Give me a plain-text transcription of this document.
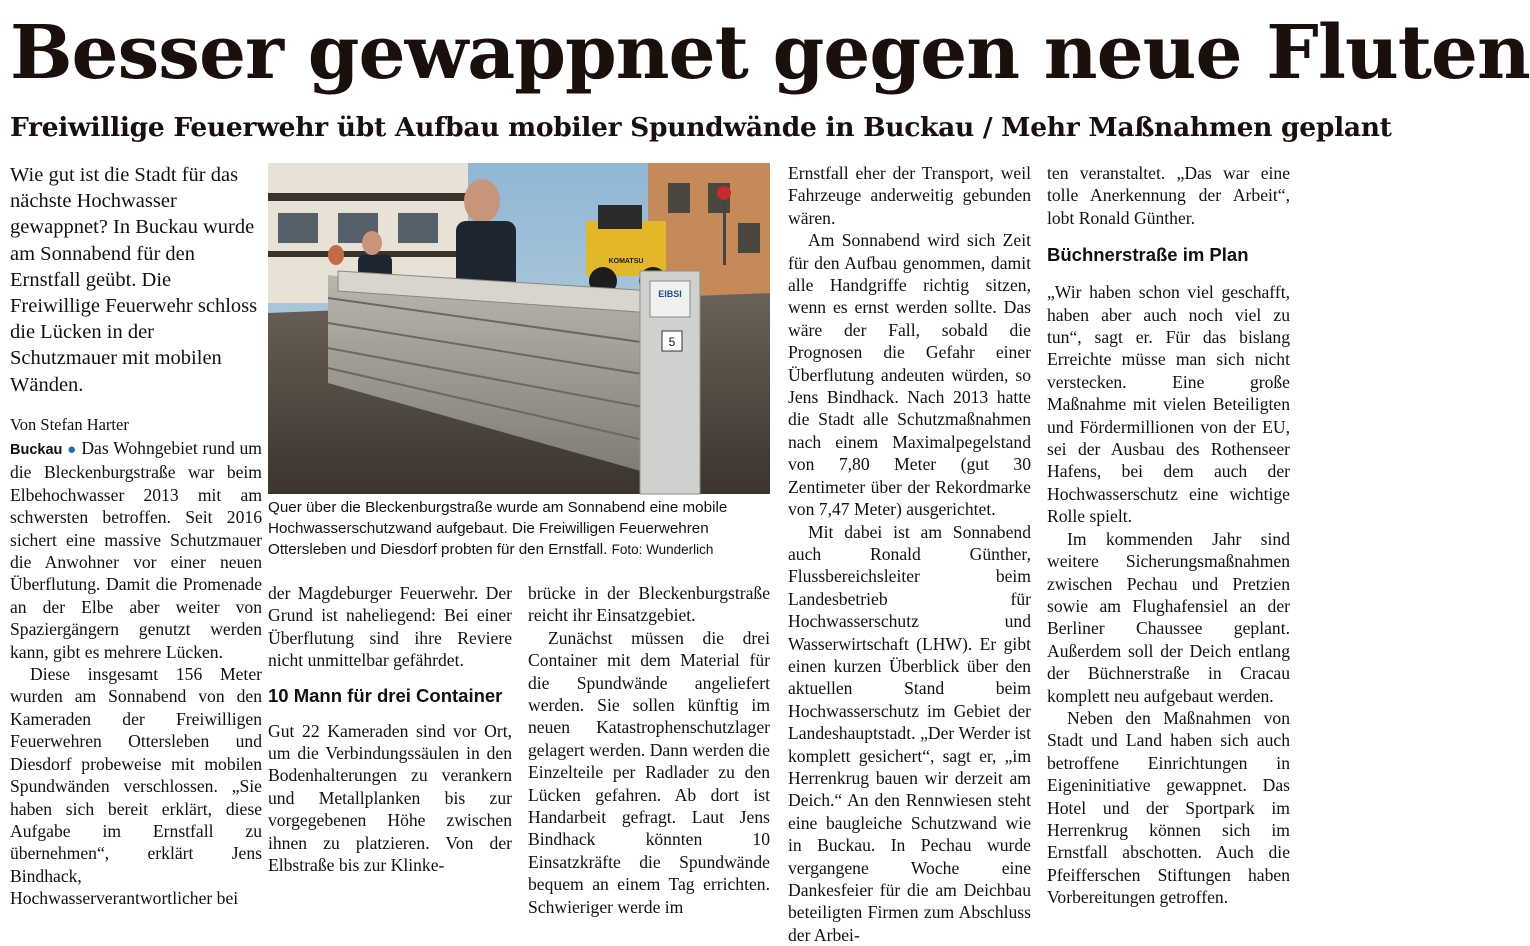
Besser gewappnet gegen neue Fluten
Freiwillige Feuerwehr übt Aufbau mobiler Spundwände in Buckau / Mehr Maßnahmen geplant
Wie gut ist die Stadt für das nächste Hochwasser gewappnet? In Buckau wurde am Sonnabend für den Ernstfall geübt. Die Freiwillige Feuerwehr schloss die Lücken in der Schutzmauer mit mobilen Wänden.
Von Stefan Harter

Buckau ● Das Wohngebiet rund um die Bleckenburgstraße war beim Elbehochwasser 2013 mit am schwersten betroffen. Seit 2016 sichert eine massive Schutzmauer die Anwohner vor einer neuen Überflutung. Damit die Promenade an der Elbe aber weiter von Spaziergängern genutzt werden kann, gibt es mehrere Lücken.

Diese insgesamt 156 Meter wurden am Sonnabend von den Kameraden der Freiwilligen Feuerwehren Ottersleben und Diesdorf probeweise mit mobilen Spundwänden verschlossen. „Sie haben sich bereit erklärt, diese Aufgabe im Ernstfall zu übernehmen“, erklärt Jens Bindhack, Hochwasserverantwortlicher bei

EIBSI
5
KOMATSU
Quer über die Bleckenburgstraße wurde am Sonnabend eine mobile Hochwasserschutzwand aufgebaut. Die Freiwilligen Feuerwehren Ottersleben und Diesdorf probten für den Ernstfall. Foto: Wunderlich

der Magdeburger Feuerwehr. Der Grund ist naheliegend: Bei einer Überflutung sind ihre Reviere nicht unmittelbar gefährdet.

10 Mann für drei Container

Gut 22 Kameraden sind vor Ort, um die Verbindungssäulen in den Bodenhalterungen zu verankern und Metallplanken bis zur vorgegebenen Höhe zwischen ihnen zu platzieren. Von der Elbstraße bis zur Klinke-

brücke in der Bleckenburgstraße reicht ihr Einsatzgebiet.

Zunächst müssen die drei Container mit dem Material für die Spundwände angeliefert werden. Sie sollen künftig im neuen Katastrophenschutzlager gelagert werden. Dann werden die Einzelteile per Radlader zu den Lücken gefahren. Ab dort ist Handarbeit gefragt. Laut Jens Bindhack könnten 10 Einsatzkräfte die Spundwände bequem an einem Tag errichten. Schwieriger werde im

Ernstfall eher der Transport, weil Fahrzeuge anderweitig gebunden wären.

Am Sonnabend wird sich Zeit für den Aufbau genommen, damit alle Handgriffe richtig sitzen, wenn es ernst werden sollte. Das wäre der Fall, sobald die Prognosen die Gefahr einer Überflutung andeuten würden, so Jens Bindhack. Nach 2013 hatte die Stadt alle Schutzmaßnahmen nach einem Maximalpegelstand von 7,80 Meter (gut 30 Zentimeter über der Rekordmarke von 7,47 Meter) ausgerichtet.

Mit dabei ist am Sonnabend auch Ronald Günther, Flussbereichsleiter beim Landesbetrieb für Hochwasserschutz und Wasserwirtschaft (LHW). Er gibt einen kurzen Überblick über den aktuellen Stand beim Hochwasserschutz im Gebiet der Landeshauptstadt. „Der Werder ist komplett gesichert“, sagt er, „im Herrenkrug bauen wir derzeit am Deich.“ An den Rennwiesen steht eine baugleiche Schutzwand wie in Buckau. In Pechau wurde vergangene Woche eine Dankesfeier für die am Deichbau beteiligten Firmen zum Abschluss der Arbei-

ten veranstaltet. „Das war eine tolle Anerkennung der Arbeit“, lobt Ronald Günther.

Büchnerstraße im Plan

„Wir haben schon viel geschafft, haben aber auch noch viel zu tun“, sagt er. Für das bislang Erreichte müsse man sich nicht verstecken. Eine große Maßnahme mit vielen Beteiligten und Fördermillionen von der EU, sei der Ausbau des Rothenseer Hafens, bei dem auch der Hochwasserschutz eine wichtige Rolle spielt.

Im kommenden Jahr sind weitere Sicherungsmaßnahmen zwischen Pechau und Pretzien sowie am Flughafensiel an der Berliner Chaussee geplant. Außerdem soll der Deich entlang der Büchnerstraße in Cracau komplett neu aufgebaut werden.

Neben den Maßnahmen von Stadt und Land haben sich auch betroffene Einrichtungen in Eigeninitiative gewappnet. Das Hotel und der Sportpark im Herrenkrug können sich im Ernstfall abschotten. Auch die Pfeifferschen Stiftungen haben Vorbereitungen getroffen.
